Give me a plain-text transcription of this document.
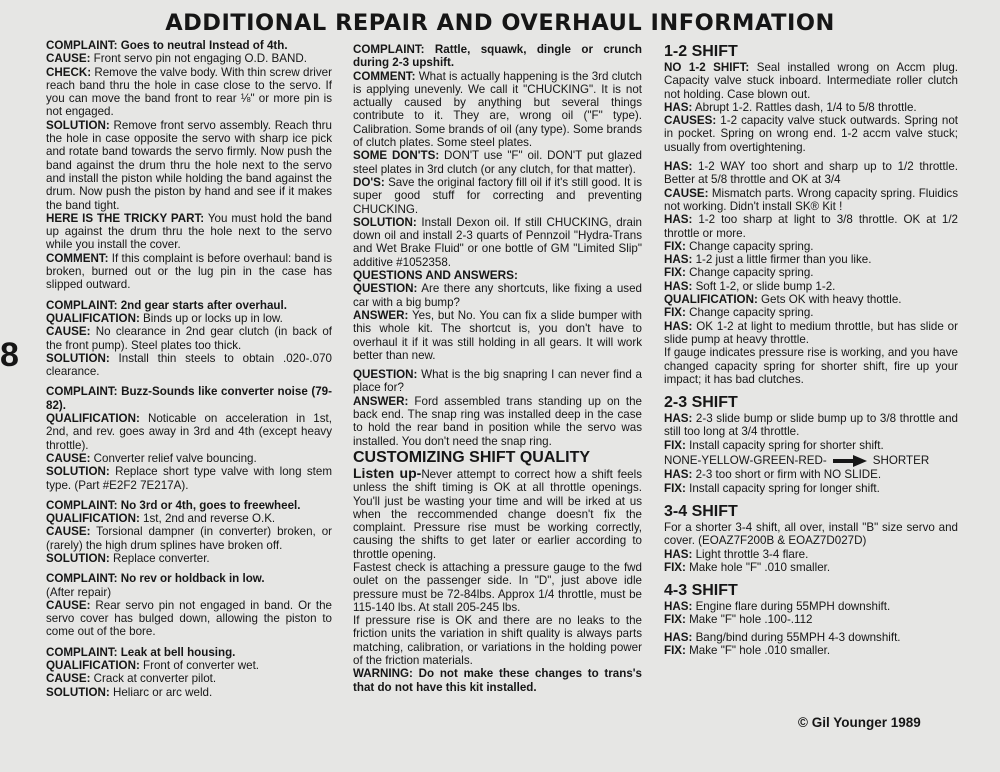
8
ADDITIONAL REPAIR AND OVERHAUL INFORMATION

COMPLAINT: Goes to neutral Instead of 4th.

CAUSE: Front servo pin not engaging O.D. BAND.

CHECK: Remove the valve body. With thin screw driver reach band thru the hole in case close to the servo. If you can move the band front to rear ⅛" or more pin is not engaged.

SOLUTION: Remove front servo assembly. Reach thru the hole in case opposite the servo with sharp ice pick and rotate band towards the servo firmly. Now push the band against the drum thru the hole next to the servo and install the piston while holding the band against the drum. Now push the piston by hand and see if it makes the band tight.

HERE IS THE TRICKY PART: You must hold the band up against the drum thru the hole next to the servo while you install the cover.

COMMENT: If this complaint is before overhaul: band is broken, burned out or the lug pin in the case has slipped outward.

COMPLAINT: 2nd gear starts after overhaul.

QUALIFICATION: Binds up or locks up in low.

CAUSE: No clearance in 2nd gear clutch (in back of the front pump). Steel plates too thick.

SOLUTION: Install thin steels to obtain .020-.070 clearance.

COMPLAINT: Buzz-Sounds like converter noise (79-82).

QUALIFICATION: Noticable on acceleration in 1st, 2nd, and rev. goes away in 3rd and 4th (except heavy throttle).

CAUSE: Converter relief valve bouncing.

SOLUTION: Replace short type valve with long stem type. (Part #E2F2 7E217A).

COMPLAINT: No 3rd or 4th, goes to freewheel.

QUALIFICATION: 1st, 2nd and reverse O.K.

CAUSE: Torsional dampner (in converter) broken, or (rarely) the high drum splines have broken off.

SOLUTION: Replace converter.

COMPLAINT: No rev or holdback in low.

(After repair)

CAUSE: Rear servo pin not engaged in band. Or the servo cover has bulged down, allowing the piston to come out of the bore.

COMPLAINT: Leak at bell housing.

QUALIFICATION: Front of converter wet.

CAUSE: Crack at converter pilot.

SOLUTION: Heliarc or arc weld.

COMPLAINT: Rattle, squawk, dingle or crunch during 2-3 upshift.

COMMENT: What is actually happening is the 3rd clutch is applying unevenly. We call it "CHUCKING". It is not actually caused by anything but several things contribute to it. They are, wrong oil ("F" type). Calibration. Some brands of oil (any type). Some brands of clutch plates. Some steel plates.

SOME DON'TS: DON'T use "F" oil. DON'T put glazed steel plates in 3rd clutch (or any clutch, for that matter).

DO'S: Save the original factory fill oil if it's still good. It is super good stuff for correcting and preventing CHUCKING.

SOLUTION: Install Dexon oil. If still CHUCKING, drain down oil and install 2-3 quarts of Pennzoil "Hydra-Trans and Wet Brake Fluid" or one bottle of GM "Limited Slip" additive #1052358.

QUESTIONS AND ANSWERS:

QUESTION: Are there any shortcuts, like fixing a used car with a big bump?

ANSWER: Yes, but No. You can fix a slide bumper with this whole kit. The shortcut is, you don't have to overhaul it if it was still holding in all gears. It will work better than new.

QUESTION: What is the big snapring I can never find a place for?

ANSWER: Ford assembled trans standing up on the back end. The snap ring was installed deep in the case to hold the rear band in position while the servo was installed. You don't need the snap ring.

CUSTOMIZING SHIFT QUALITY

Listen up-Never attempt to correct how a shift feels unless the shift timing is OK at all throttle openings. You'll just be wasting your time and will be irked at us when the reccommended change doesn't fix the complaint. Pressure rise must be working correctly, causing the shifts to get later or earlier according to throttle opening.

Fastest check is attaching a pressure gauge to the fwd oulet on the passenger side. In "D", just above idle pressure must be 72-84lbs. Approx 1/4 throttle, must be 115-140 lbs. At stall 205-245 lbs.

If pressure rise is OK and there are no leaks to the friction units the variation in shift quality is always parts matching, calibration, or variations in the holding power of the friction materials.

WARNING: Do not make these changes to trans's that do not have this kit installed.

1-2 SHIFT

NO 1-2 SHIFT: Seal installed wrong on Accm plug. Capacity valve stuck inboard. Intermediate roller clutch not holding. Case blown out.

HAS: Abrupt 1-2. Rattles dash, 1/4 to 5/8 throttle.

CAUSES: 1-2 capacity valve stuck outwards. Spring not in pocket. Spring on wrong end. 1-2 accm valve stuck; usually from overtightening.

HAS: 1-2 WAY too short and sharp up to 1/2 throttle. Better at 5/8 throttle and OK at 3/4

CAUSE: Mismatch parts. Wrong capacity spring. Fluidics not working. Didn't install SK® Kit !

HAS: 1-2 too sharp at light to 3/8 throttle. OK at 1/2 throttle or more.

FIX: Change capacity spring.

HAS: 1-2 just a little firmer than you like.

FIX: Change capacity spring.

HAS: Soft 1-2, or slide bump 1-2.

QUALIFICATION: Gets OK with heavy thottle.

FIX: Change capacity spring.

HAS: OK 1-2 at light to medium throttle, but has slide or slide pump at heavy throttle.

If gauge indicates pressure rise is working, and you have changed capacity spring for shorter shift, fire up your impact; it has bad clutches.

2-3 SHIFT

HAS: 2-3 slide bump or slide bump up to 3/8 throttle and still too long at 3/4 throttle.

FIX: Install capacity spring for shorter shift.

NONE-YELLOW-GREEN-RED-	SHORTER

HAS: 2-3 too short or firm with NO SLIDE.

FIX: Install capacity spring for longer shift.

3-4 SHIFT

For a shorter 3-4 shift, all over, install "B" size servo and cover. (EOAZ7F200B & EOAZ7D027D)

HAS: Light throttle 3-4 flare.

FIX: Make hole "F" .010 smaller.

4-3 SHIFT

HAS: Engine flare during 55MPH downshift.

FIX: Make "F" hole .100-.112

HAS: Bang/bind during 55MPH 4-3 downshift.

FIX: Make "F" hole .010 smaller.

© Gil Younger 1989
